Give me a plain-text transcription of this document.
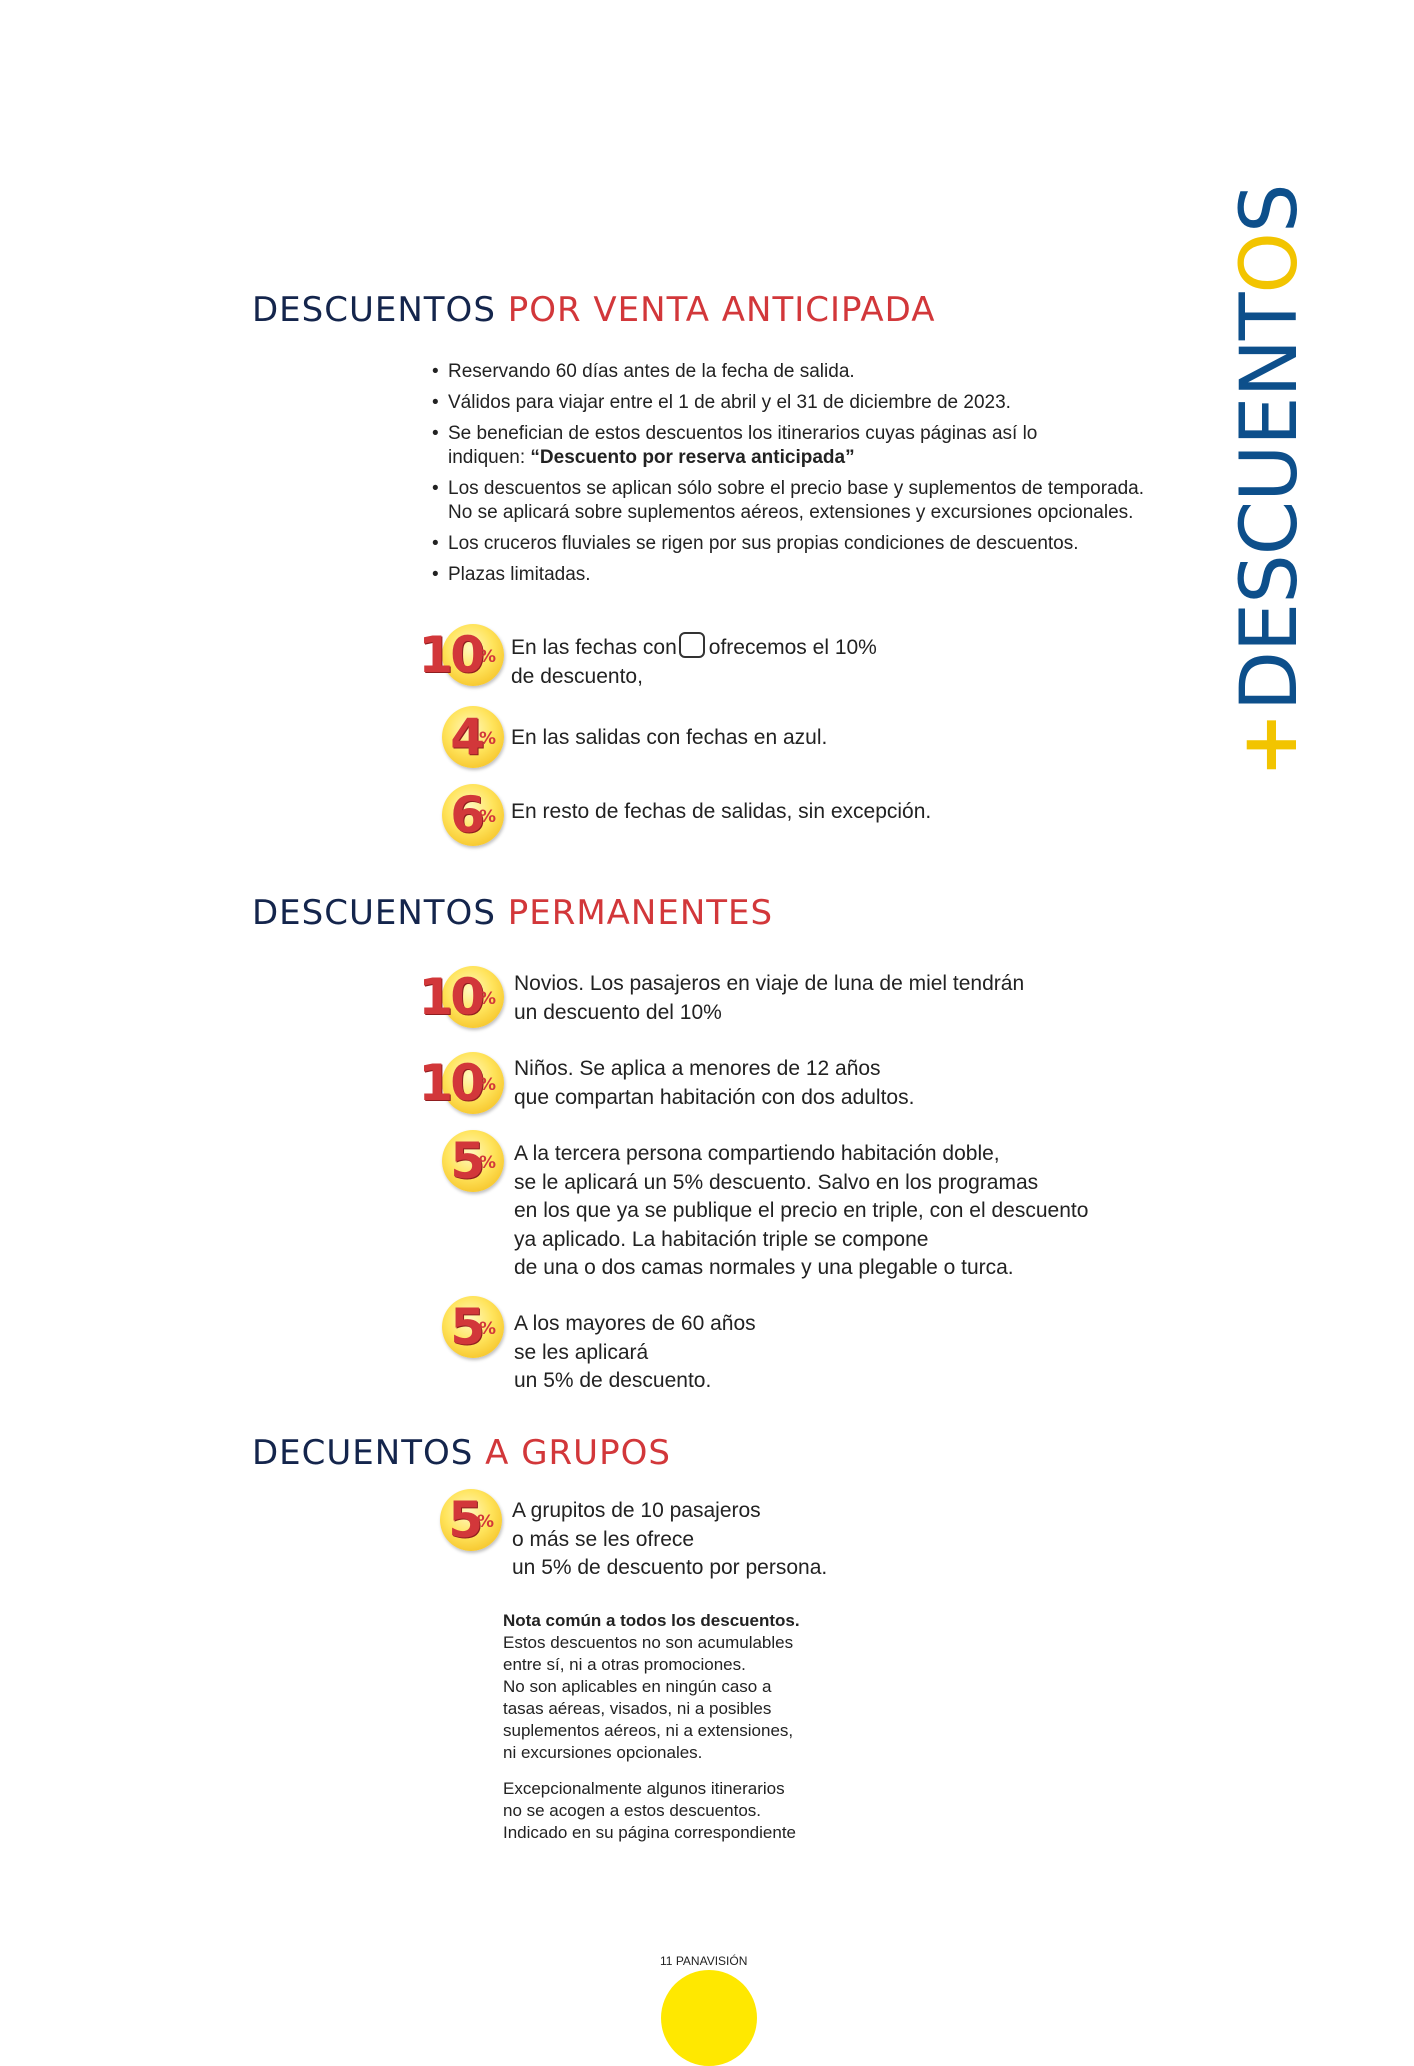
+DESCUENTOS
DESCUENTOS POR VENTA ANTICIPADA
• Reservando 60 días antes de la fecha de salida.
• Válidos para viajar entre el 1 de abril y el 31 de diciembre de 2023.
• Se benefician de estos descuentos los itinerarios cuyas páginas así lo
indiquen: “Descuento por reserva anticipada”
• Los descuentos se aplican sólo sobre el precio base y suplementos de temporada.
No se aplicará sobre suplementos aéreos, extensiones y excursiones opcionales.
• Los cruceros fluviales se rigen por sus propias condiciones de descuentos.
• Plazas limitadas.
10
% En las fechas con ofrecemos el 10%
de descuento,
4
% En las salidas con fechas en azul.
6
% En resto de fechas de salidas, sin excepción.
DESCUENTOS PERMANENTES
10
%
Novios. Los pasajeros en viaje de luna de miel tendrán
un descuento del 10%
10
%
Niños. Se aplica a menores de 12 años
que compartan habitación con dos adultos.
5
% A la tercera persona compartiendo habitación doble,
se le aplicará un 5% descuento. Salvo en los programas
en los que ya se publique el precio en triple, con el descuento
ya aplicado. La habitación triple se compone
de una o dos camas normales y una plegable o turca.
5
% A los mayores de 60 años
se les aplicará
un 5% de descuento.
DECUENTOS A GRUPOS
5
% A grupitos de 10 pasajeros
o más se les ofrece
un 5% de descuento por persona.

Nota común a todos los descuentos.

Estos descuentos no son acumulables

entre sí, ni a otras promociones.

No son aplicables en ningún caso a

tasas aéreas, visados, ni a posibles

suplementos aéreos, ni a extensiones,

ni excursiones opcionales.

Excepcionalmente algunos itinerarios

no se acogen a estos descuentos.

Indicado en su página correspondiente

11 PANAVISIÓN
